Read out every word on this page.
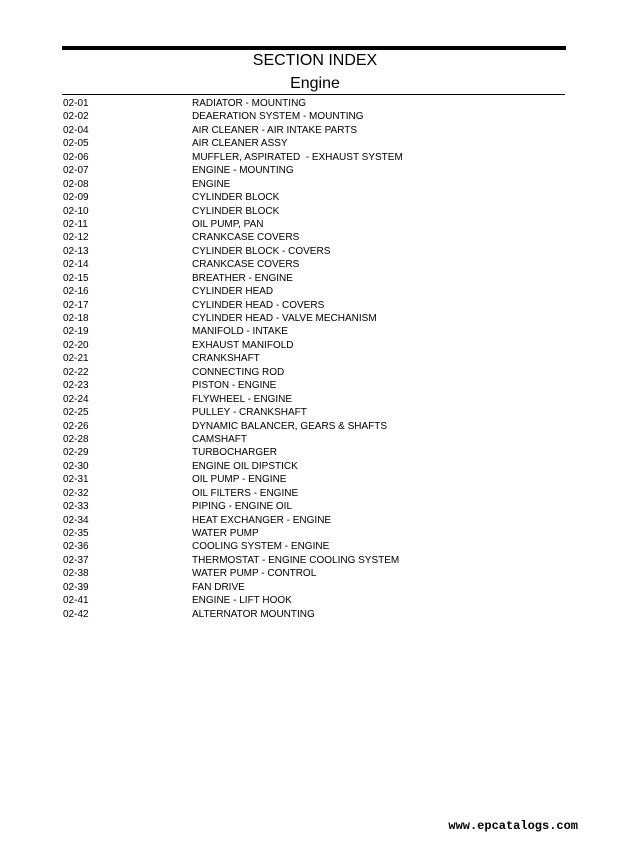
SECTION INDEX
Engine
02-01	RADIATOR - MOUNTING
02-02	DEAERATION SYSTEM - MOUNTING
02-04	AIR CLEANER - AIR INTAKE PARTS
02-05	AIR CLEANER ASSY
02-06	MUFFLER, ASPIRATED  - EXHAUST SYSTEM
02-07	ENGINE - MOUNTING
02-08	ENGINE
02-09	CYLINDER BLOCK
02-10	CYLINDER BLOCK
02-11	OIL PUMP, PAN
02-12	CRANKCASE COVERS
02-13	CYLINDER BLOCK - COVERS
02-14	CRANKCASE COVERS
02-15	BREATHER - ENGINE
02-16	CYLINDER HEAD
02-17	CYLINDER HEAD - COVERS
02-18	CYLINDER HEAD - VALVE MECHANISM
02-19	MANIFOLD - INTAKE
02-20	EXHAUST MANIFOLD
02-21	CRANKSHAFT
02-22	CONNECTING ROD
02-23	PISTON - ENGINE
02-24	FLYWHEEL - ENGINE
02-25	PULLEY - CRANKSHAFT
02-26	DYNAMIC BALANCER, GEARS & SHAFTS
02-28	CAMSHAFT
02-29	TURBOCHARGER
02-30	ENGINE OIL DIPSTICK
02-31	OIL PUMP - ENGINE
02-32	OIL FILTERS - ENGINE
02-33	PIPING - ENGINE OIL
02-34	HEAT EXCHANGER - ENGINE
02-35	WATER PUMP
02-36	COOLING SYSTEM - ENGINE
02-37	THERMOSTAT - ENGINE COOLING SYSTEM
02-38	WATER PUMP - CONTROL
02-39	FAN DRIVE
02-41	ENGINE - LIFT HOOK
02-42	ALTERNATOR MOUNTING
www.epcatalogs.com
